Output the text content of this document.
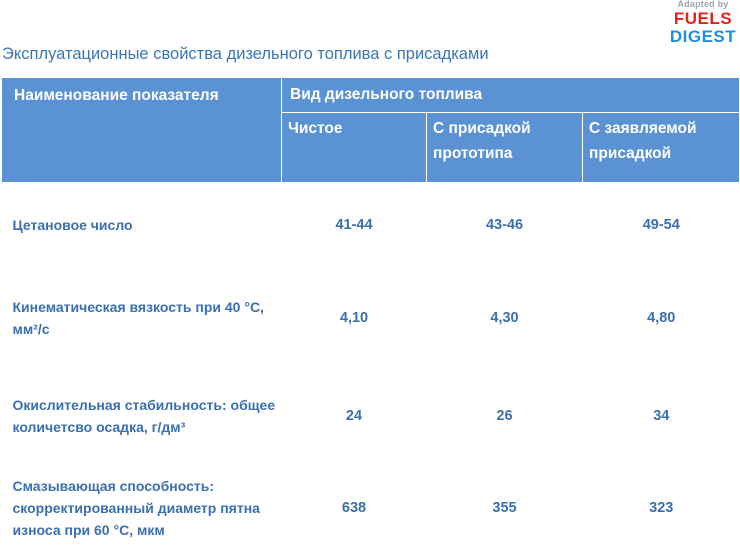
Adapted by
FUELS
DIGEST
Эксплуатационные свойства дизельного топлива с присадками
Наименование показателя	Вид дизельного топлива		
	Чистое	С присадкой прототипа	С заявляемой присадкой
Цетановое число	41-44	43-46	49-54
Кинематическая вязкость при 40 °С, мм²/с	4,10	4,30	4,80
Окислительная стабильность: общее количетсво осадка, г/дм³	24	26	34
Смазывающая способность: скорректированный диаметр пятна износа при 60 °С, мкм	638	355	323
